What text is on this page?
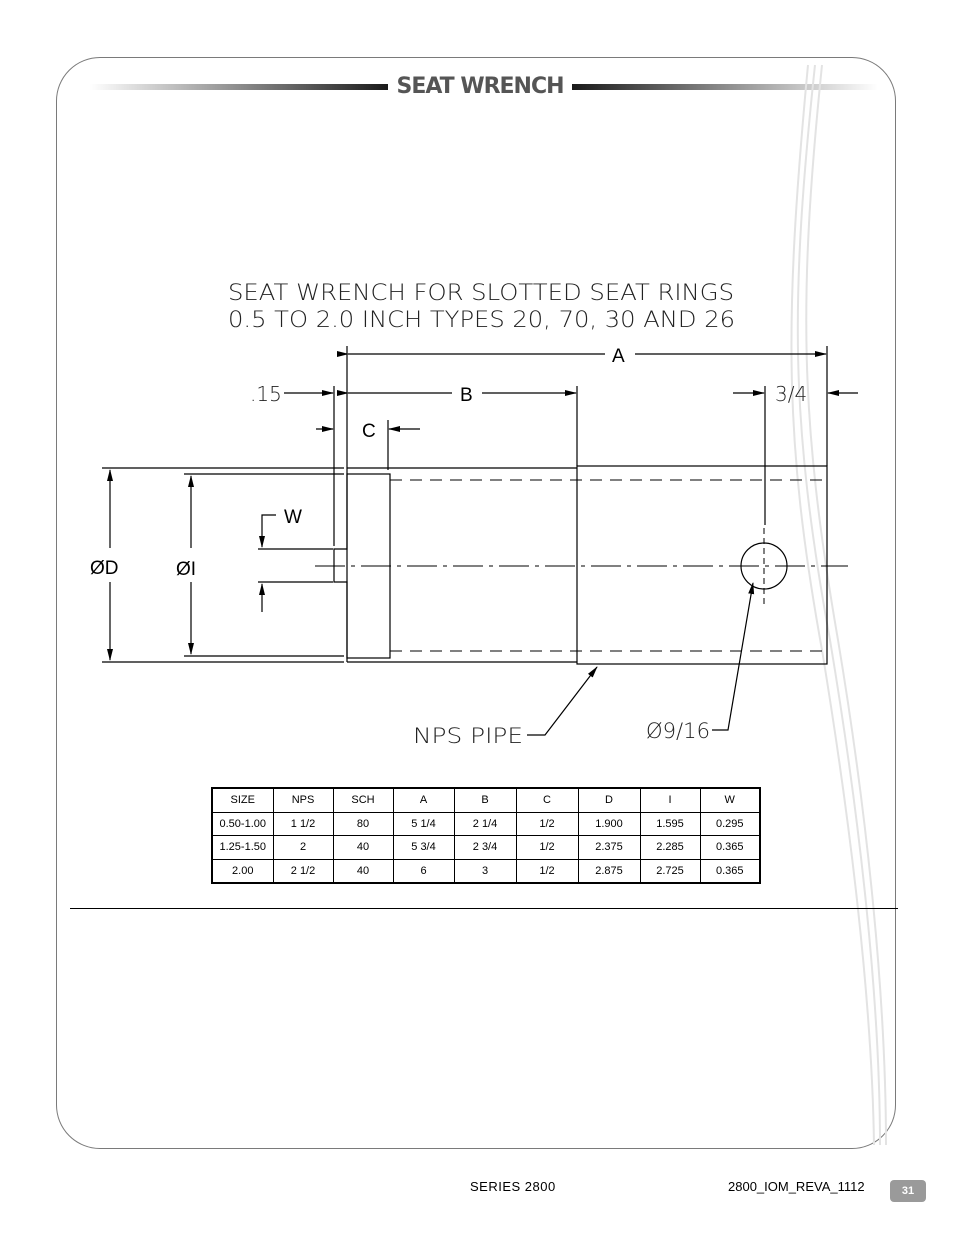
SEAT WRENCH
SEAT WRENCH FOR SLOTTED SEAT RINGS
0.5 TO 2.0 INCH TYPES 20, 70, 30 AND 26
A
B
C
W
.15	3/4
ØD	ØI
NPS PIPE	Ø9/16
SIZE	NPS	SCH	A	B	C	D	I	W
0.50-1.00	1 1/2	80	5 1/4	2 1/4	1/2	1.900	1.595	0.295
1.25-1.50	2	40	5 3/4	2 3/4	1/2	2.375	2.285	0.365
2.00	2 1/2	40	6	3	1/2	2.875	2.725	0.365
SERIES 2800	2800_IOM_REVA_1112	31
